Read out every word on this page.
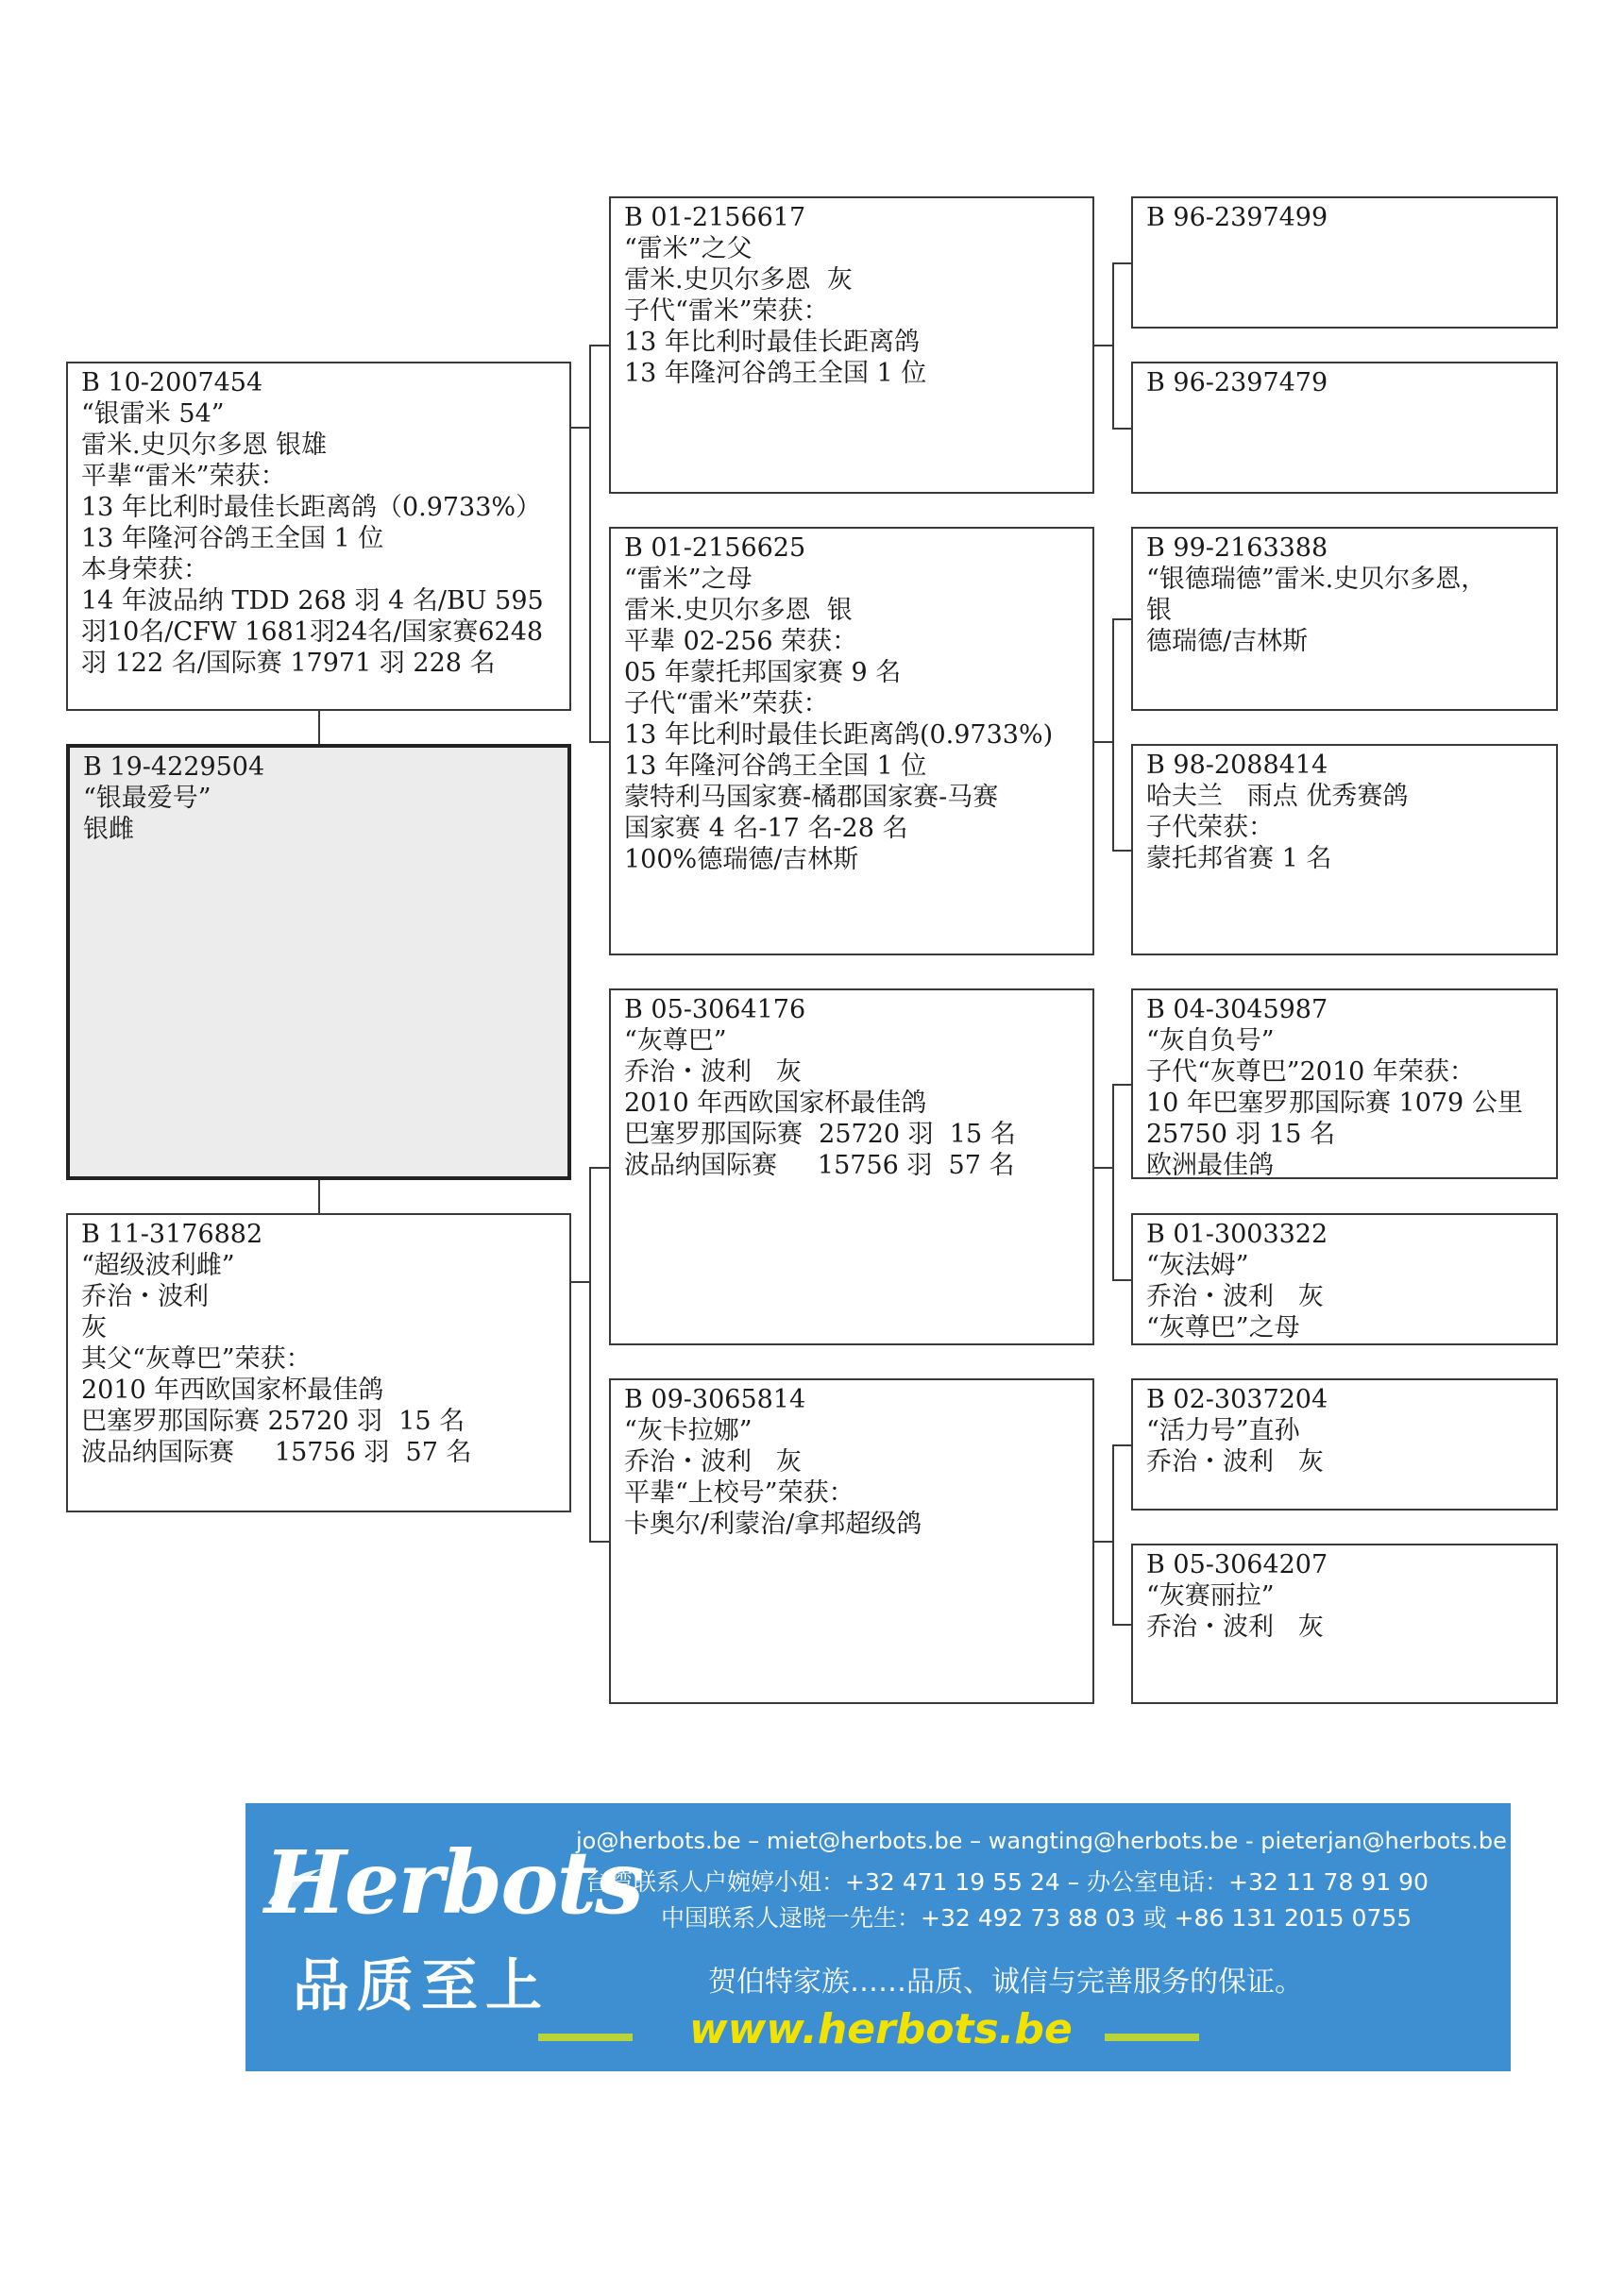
B 96-2397499
B 96-2397479
B 99-2163388
“银德瑞德”雷米.史贝尔多恩，
银
德瑞德/吉林斯
B 98-2088414
哈夫兰   雨点 优秀赛鸽
子代荣获：
蒙托邦省赛 1 名
B 04-3045987
“灰自负号”
子代“灰尊巴”2010 年荣获：
10 年巴塞罗那国际赛 1079 公里
25750 羽 15 名
欧洲最佳鸽
B 01-3003322
“灰法姆”
乔治・波利   灰
“灰尊巴”之母
B 02-3037204
“活力号”直孙
乔治・波利   灰
B 05-3064207
“灰赛丽拉”
乔治・波利   灰
B 01-2156617
“雷米”之父
雷米.史贝尔多恩  灰
子代“雷米”荣获：
13 年比利时最佳长距离鸽
13 年隆河谷鸽王全国 1 位
B 01-2156625
“雷米”之母
雷米.史贝尔多恩  银
平辈 02-256 荣获：
05 年蒙托邦国家赛 9 名
子代“雷米”荣获：
13 年比利时最佳长距离鸽(0.9733%)
13 年隆河谷鸽王全国 1 位
蒙特利马国家赛-橘郡国家赛-马赛
国家赛 4 名-17 名-28 名
100%德瑞德/吉林斯
B 05-3064176
“灰尊巴”
乔治・波利   灰
2010 年西欧国家杯最佳鸽
巴塞罗那国际赛  25720 羽  15 名
波品纳国际赛     15756 羽  57 名
B 09-3065814
“灰卡拉娜”
乔治・波利   灰
平辈“上校号”荣获：
卡奥尔/利蒙治/拿邦超级鸽
B 10-2007454
“银雷米 54”
雷米.史贝尔多恩 银雄
平辈“雷米”荣获：
13 年比利时最佳长距离鸽（0.9733%）
13 年隆河谷鸽王全国 1 位
本身荣获：
14 年波品纳 TDD 268 羽 4 名/BU 595
羽10名/CFW 1681羽24名/国家赛6248
羽 122 名/国际赛 17971 羽 228 名
B 19-4229504
“银最爱号”
银雌
B 11-3176882
“超级波利雌”
乔治・波利
灰
其父“灰尊巴”荣获：
2010 年西欧国家杯最佳鸽
巴塞罗那国际赛 25720 羽  15 名
波品纳国际赛     15756 羽  57 名
Herbots
品质至上
jo@herbots.be – miet@herbots.be – wangting@herbots.be - pieterjan@herbots.be
台湾联系人户婉婷小姐：+32 471 19 55 24 – 办公室电话：+32 11 78 91 90
中国联系人逯晓一先生：+32 492 73 88 03 或 +86 131 2015 0755
贺伯特家族……品质、诚信与完善服务的保证。
www.herbots.be
